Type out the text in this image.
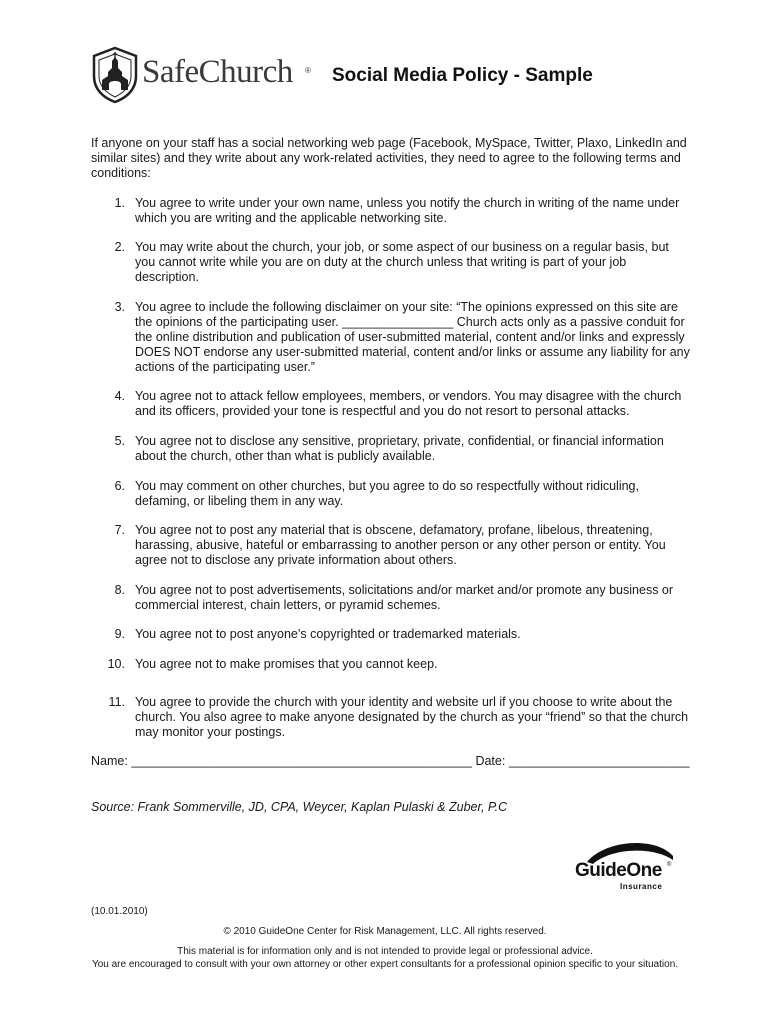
SafeChurch ® Social Media Policy - Sample
If anyone on your staff has a social networking web page (Facebook, MySpace, Twitter, Plaxo, LinkedIn and similar sites) and they write about any work-related activities, they need to agree to the following terms and conditions:
1. You agree to write under your own name, unless you notify the church in writing of the name under which you are writing and the applicable networking site.
2. You may write about the church, your job, or some aspect of our business on a regular basis, but you cannot write while you are on duty at the church unless that writing is part of your job description.
3. You agree to include the following disclaimer on your site: “The opinions expressed on this site are the opinions of the participating user. ________________ Church acts only as a passive conduit for the online distribution and publication of user-submitted material, content and/or links and expressly DOES NOT endorse any user-submitted material, content and/or links or assume any liability for any actions of the participating user.”
4. You agree not to attack fellow employees, members, or vendors. You may disagree with the church and its officers, provided your tone is respectful and you do not resort to personal attacks.
5. You agree not to disclose any sensitive, proprietary, private, confidential, or financial information about the church, other than what is publicly available.
6. You may comment on other churches, but you agree to do so respectfully without ridiculing, defaming, or libeling them in any way.
7. You agree not to post any material that is obscene, defamatory, profane, libelous, threatening, harassing, abusive, hateful or embarrassing to another person or any other person or entity. You agree not to disclose any private information about others.
8. You agree not to post advertisements, solicitations and/or market and/or promote any business or commercial interest, chain letters, or pyramid schemes.
9. You agree not to post anyone’s copyrighted or trademarked materials.
10. You agree not to make promises that you cannot keep.
11. You agree to provide the church with your identity and website url if you choose to write about the church. You also agree to make anyone designated by the church as your “friend” so that the church may monitor your postings.
Name: _________________________________________________ Date: __________________________
Source: Frank Sommerville, JD, CPA, Weycer, Kaplan Pulaski & Zuber, P.C
GuideOne ®
Insurance
(10.01.2010)
© 2010 GuideOne Center for Risk Management, LLC. All rights reserved.
This material is for information only and is not intended to provide legal or professional advice.
You are encouraged to consult with your own attorney or other expert consultants for a professional opinion specific to your situation.
